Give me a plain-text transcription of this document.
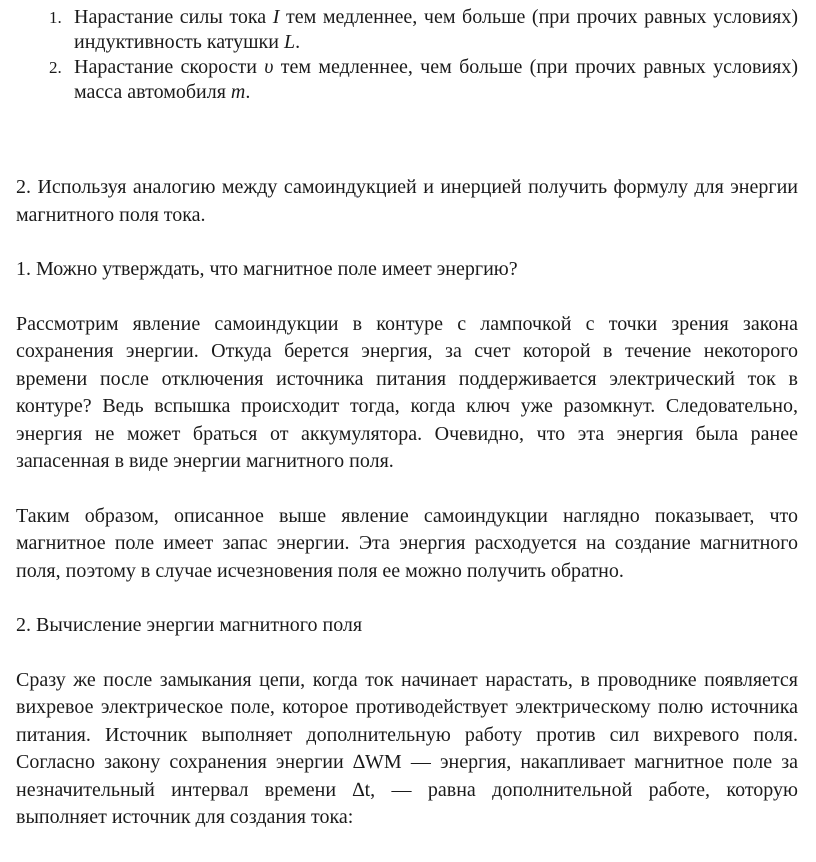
1. Нарастание силы тока I тем медленнее, чем больше (при прочих равных условиях) индуктивность катушки L.
2. Нарастание скорости υ тем медленнее, чем больше (при прочих равных условиях) масса автомобиля m.

2. Используя аналогию между самоиндукцией и инерцией получить формулу для энергии магнитного поля тока.

1. Можно утверждать, что магнитное поле имеет энергию?

Рассмотрим явление самоиндукции в контуре с лампочкой с точки зрения закона сохранения энергии. Откуда берется энергия, за счет которой в течение некоторого времени после отключения источника питания поддерживается электрический ток в контуре? Ведь вспышка происходит тогда, когда ключ уже разомкнут. Следовательно, энергия не может браться от аккумулятора. Очевидно, что эта энергия была ранее запасенная в виде энергии магнитного поля.

Таким образом, описанное выше явление самоиндукции наглядно показывает, что магнитное поле имеет запас энергии. Эта энергия расходуется на создание магнитного поля, поэтому в случае исчезновения поля ее можно получить обратно.

2. Вычисление энергии магнитного поля

Сразу же после замыкания цепи, когда ток начинает нарастать, в проводнике появляется вихревое электрическое поле, которое противодействует электрическому полю источника питания. Источник выполняет дополнительную работу против сил вихревого поля. Согласно закону сохранения энергии ∆WM — энергия, накапливает магнитное поле за незначительный интервал времени ∆t, — равна дополнительной работе, которую выполняет источник для создания тока:
